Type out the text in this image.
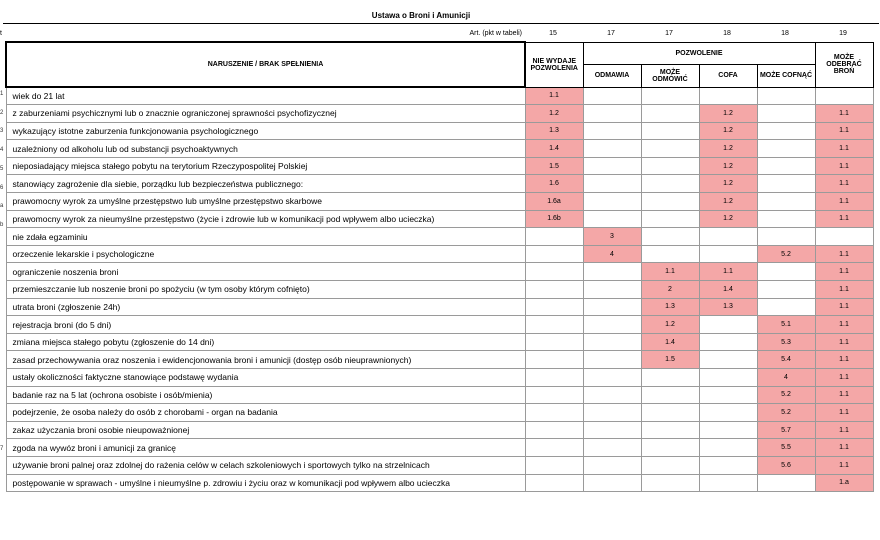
Ustawa o Broni i Amunicji
t	Art. (pkt w tabeli)	15	17	17	18	18	19
NARUSZENIE / BRAK SPEŁNIENIA	NIE WYDAJE POZWOLENIA	POZWOLENIE				MOŻE ODEBRAĆ BROŃ
		ODMAWIA	MOŻE ODMÓWIĆ	COFA	MOŻE COFNĄĆ	
wiek do 21 lat	1.1					
z zaburzeniami psychicznymi lub o znacznie ograniczonej sprawności psychofizycznej	1.2			1.2		1.1
wykazujący istotne zaburzenia funkcjonowania psychologicznego	1.3			1.2		1.1
uzależniony od alkoholu lub od substancji psychoaktywnych	1.4			1.2		1.1
nieposiadający miejsca stałego pobytu na terytorium Rzeczypospolitej Polskiej	1.5			1.2		1.1
stanowiący zagrożenie dla siebie, porządku lub bezpieczeństwa publicznego:	1.6			1.2		1.1
prawomocny wyrok za umyślne przestępstwo lub umyślne przestępstwo skarbowe	1.6a			1.2		1.1
prawomocny wyrok za nieumyślne przestępstwo (życie i zdrowie lub w komunikacji pod wpływem albo ucieczka)	1.6b			1.2		1.1
nie zdała egzaminiu		3				
orzeczenie lekarskie i psychologiczne		4			5.2	1.1
ograniczenie noszenia broni			1.1	1.1		1.1
przemieszczanie lub noszenie broni po spożyciu (w tym osoby którym cofnięto)			2	1.4		1.1
utrata broni (zgłoszenie 24h)			1.3	1.3		1.1
rejestracja broni (do 5 dni)			1.2		5.1	1.1
zmiana miejsca stałego pobytu (zgłoszenie do 14 dni)			1.4		5.3	1.1
zasad przechowywania oraz noszenia i ewidencjonowania broni i amunicji (dostęp osób nieuprawnionych)			1.5		5.4	1.1
ustały okoliczności faktyczne stanowiące podstawę wydania					4	1.1
badanie raz na 5 lat (ochrona osobiste i osób/mienia)					5.2	1.1
podejrzenie, że osoba należy do osób z chorobami - organ na badania					5.2	1.1
zakaz użyczania broni osobie nieupoważnionej					5.7	1.1
zgoda na wywóz broni i amunicji za granicę					5.5	1.1
używanie broni palnej oraz zdolnej do rażenia celów w celach szkoleniowych i sportowych tylko na strzelnicach					5.6	1.1
postępowanie w sprawach - umyślne i nieumyślne p. zdrowiu i życiu oraz w komunikacji pod wpływem albo ucieczka						1.a
1
2
3
4
5
6
a
b
7
